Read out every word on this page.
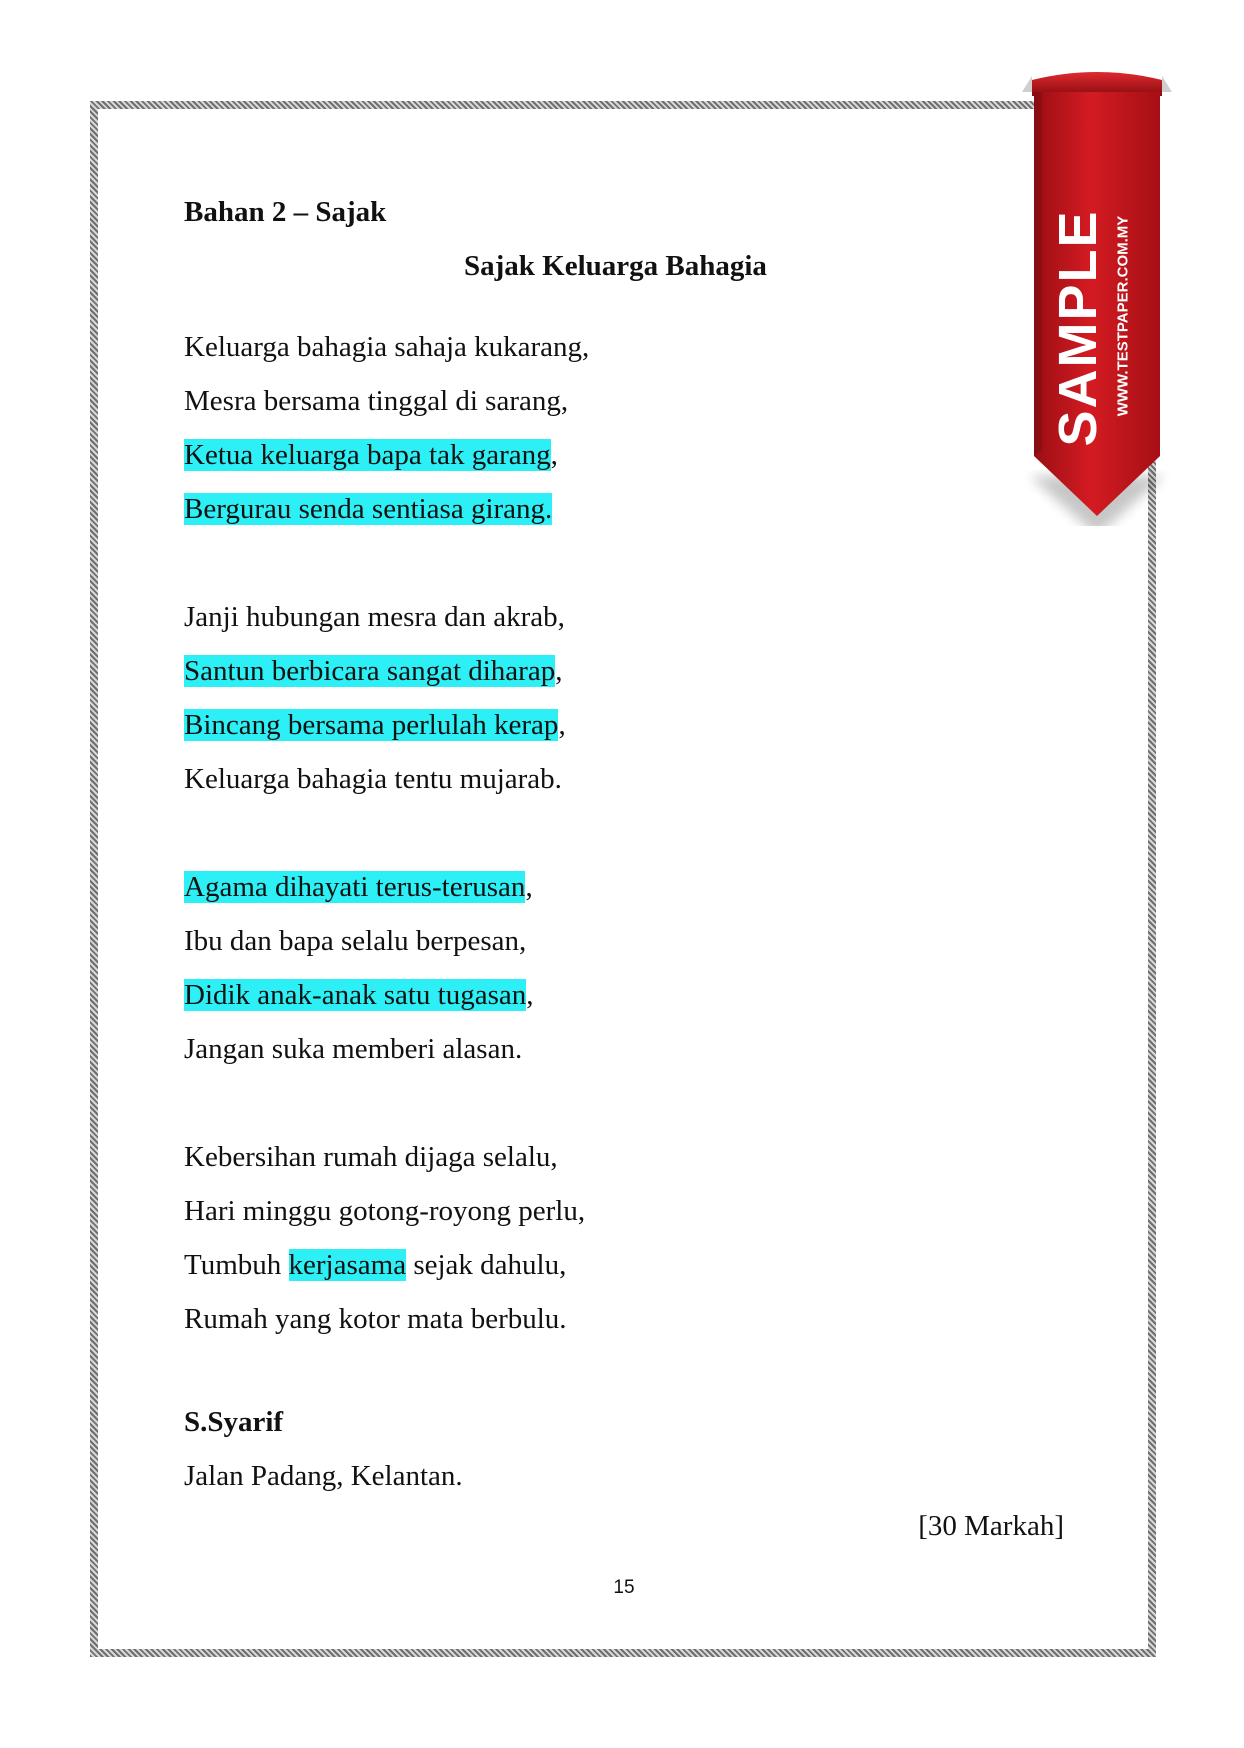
Bahan 2 – Sajak
Sajak Keluarga Bahagia
Keluarga bahagia sahaja kukarang,
Mesra bersama tinggal di sarang,
Ketua keluarga bapa tak garang,
Bergurau senda sentiasa girang.
Janji hubungan mesra dan akrab,
Santun berbicara sangat diharap,
Bincang bersama perlulah kerap,
Keluarga bahagia tentu mujarab.
Agama dihayati terus-terusan,
Ibu dan bapa selalu berpesan,
Didik anak-anak satu tugasan,
Jangan suka memberi alasan.
Kebersihan rumah dijaga selalu,
Hari minggu gotong-royong perlu,
Tumbuh kerjasama sejak dahulu,
Rumah yang kotor mata berbulu.
S.Syarif
Jalan Padang, Kelantan.
[30 Markah]
15
SAMPLE WWW.TESTPAPER.COM.MY
